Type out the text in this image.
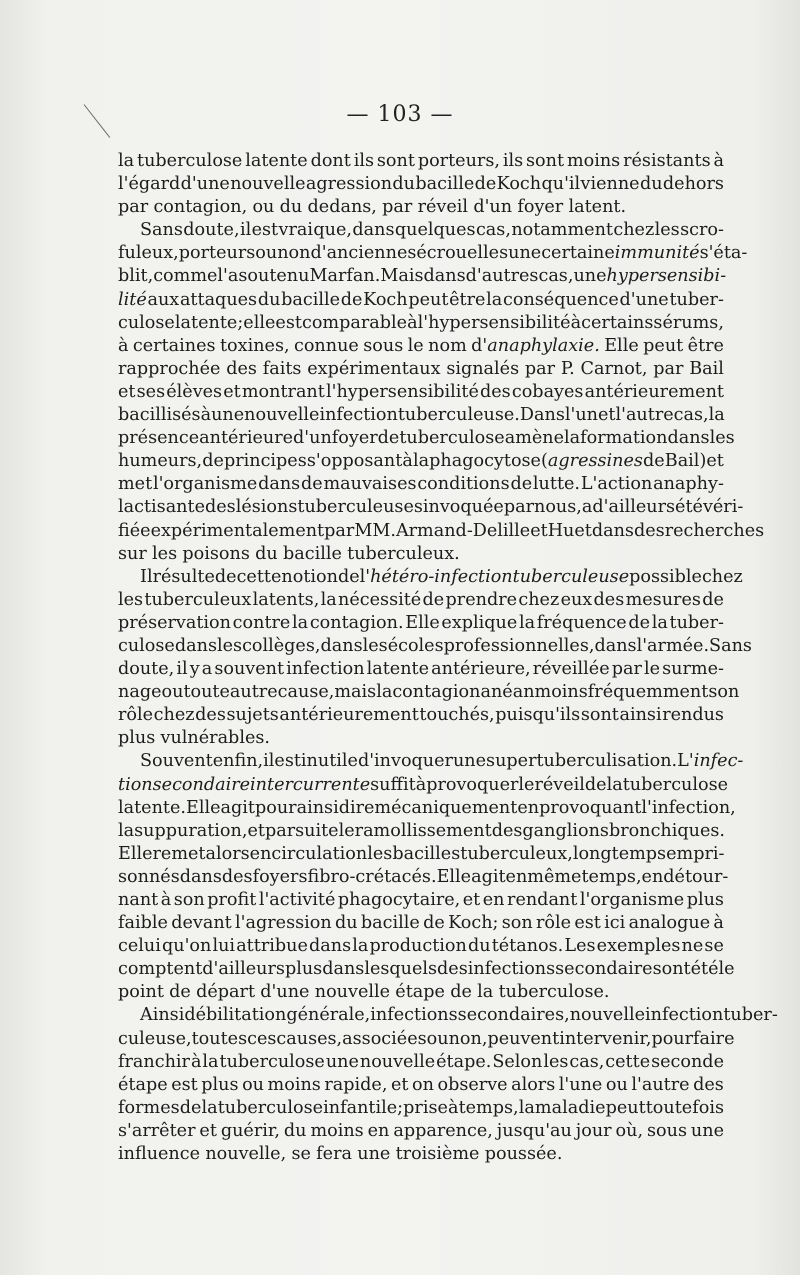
— 103 —
la tuberculose latente dont ils sont porteurs, ils sont moins résistants à
l'égard d'une nouvelle agression du bacille de Koch qu'il vienne du dehors
par contagion, ou du dedans, par réveil d'un foyer latent.
Sans doute, il est vrai que, dans quelques cas, notamment chez les scro-
fuleux, porteurs ou non d'anciennes écrouelles une certaine immunité s'éta-
blit, comme l'a soutenu Marfan. Mais dans d'autres cas, une hypersensibi-
lité aux attaques du bacille de Koch peut être la conséquence d'une tuber-
culose latente; elle est comparable à l'hypersensibilité à certains sérums,
à certaines toxines, connue sous le nom d'anaphylaxie. Elle peut être
rapprochée des faits expérimentaux signalés par P. Carnot, par Bail
et ses élèves et montrant l'hypersensibilité des cobayes antérieurement
bacillisés à une nouvelle infection tuberculeuse. Dans l'un et l'autre cas, la
présence antérieure d'un foyer de tuberculose amène la formation dans les
humeurs, de principes s'opposant à la phagocytose (agressines de Bail) et
met l'organisme dans de mauvaises conditions de lutte. L'action anaphy-
lactisante des lésions tuberculeuses invoquée par nous, a d'ailleurs été véri-
fiée expérimentalement par MM. Armand-Delille et Huet dans des recherches
sur les poisons du bacille tuberculeux.
Il résulte de cette notion de l'hétéro-infection tuberculeuse possible chez
les tuberculeux latents, la nécessité de prendre chez eux des mesures de
préservation contre la contagion. Elle explique la fréquence de la tuber-
culose dans les collèges, dans les écoles professionnelles, dans l'armée. Sans
doute, il y a souvent infection latente antérieure, réveillée par le surme-
nage ou toute autre cause, mais la contagion a néanmoins fréquemment son
rôle chez des sujets antérieurement touchés, puisqu'ils sont ainsi rendus
plus vulnérables.
Souvent enfin, il est inutile d'invoquer une supertuberculisation. L'infec-
tion secondaire intercurrente suffit à provoquer le réveil de la tuberculose
latente. Elle agit pour ainsi dire mécaniquement en provoquant l'infection,
la suppuration, et par suite le ramollissement des ganglions bronchiques.
Elle remet alors en circulation les bacilles tuberculeux, longtemps empri-
sonnés dans des foyers fibro-crétacés. Elle agit en même temps, en détour-
nant à son profit l'activité phagocytaire, et en rendant l'organisme plus
faible devant l'agression du bacille de Koch; son rôle est ici analogue à
celui qu'on lui attribue dans la production du tétanos. Les exemples ne se
comptent d'ailleurs plus dans lesquels des infections secondaires ont été le
point de départ d'une nouvelle étape de la tuberculose.
Ainsi débilitation générale, infections secondaires, nouvelle infection tuber-
culeuse, toutes ces causes, associées ou non, peuvent intervenir, pour faire
franchir à la tuberculose une nouvelle étape. Selon les cas, cette seconde
étape est plus ou moins rapide, et on observe alors l'une ou l'autre des
formes de la tuberculose infantile; prise à temps, la maladie peut toutefois
s'arrêter et guérir, du moins en apparence, jusqu'au jour où, sous une
influence nouvelle, se fera une troisième poussée.
